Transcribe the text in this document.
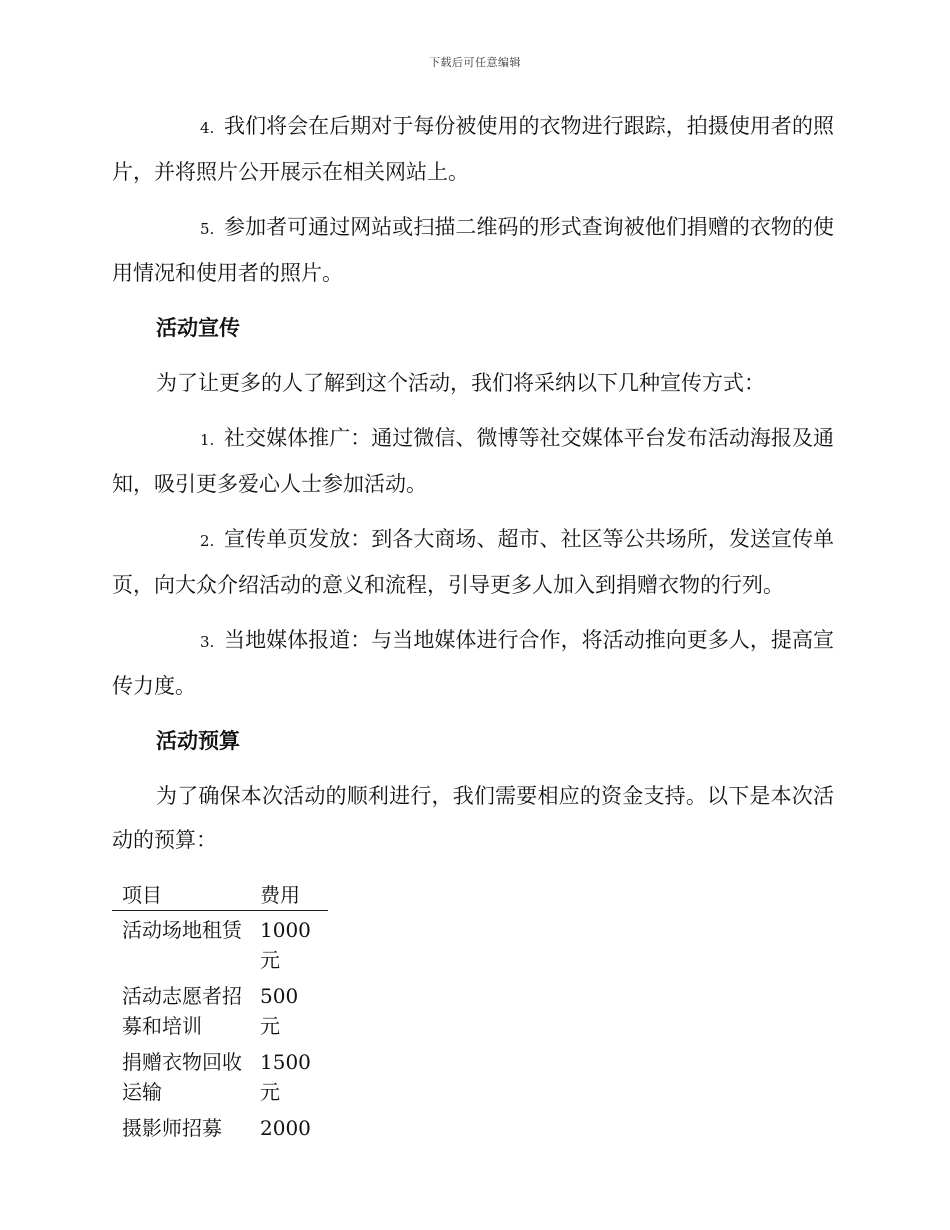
下载后可任意编辑

4. 我们将会在后期对于每份被使用的衣物进行跟踪，拍摄使用者的照片，并将照片公开展示在相关网站上。

5. 参加者可通过网站或扫描二维码的形式查询被他们捐赠的衣物的使用情况和使用者的照片。

活动宣传

为了让更多的人了解到这个活动，我们将采纳以下几种宣传方式：

1. 社交媒体推广：通过微信、微博等社交媒体平台发布活动海报及通知，吸引更多爱心人士参加活动。

2. 宣传单页发放：到各大商场、超市、社区等公共场所，发送宣传单页，向大众介绍活动的意义和流程，引导更多人加入到捐赠衣物的行列。

3. 当地媒体报道：与当地媒体进行合作，将活动推向更多人，提高宣传力度。

活动预算

为了确保本次活动的顺利进行，我们需要相应的资金支持。以下是本次活动的预算：

项目	费用
活动场地租赁	1000 元
活动志愿者招募和培训	500 元
捐赠衣物回收运输	1500 元
摄影师招募	2000
